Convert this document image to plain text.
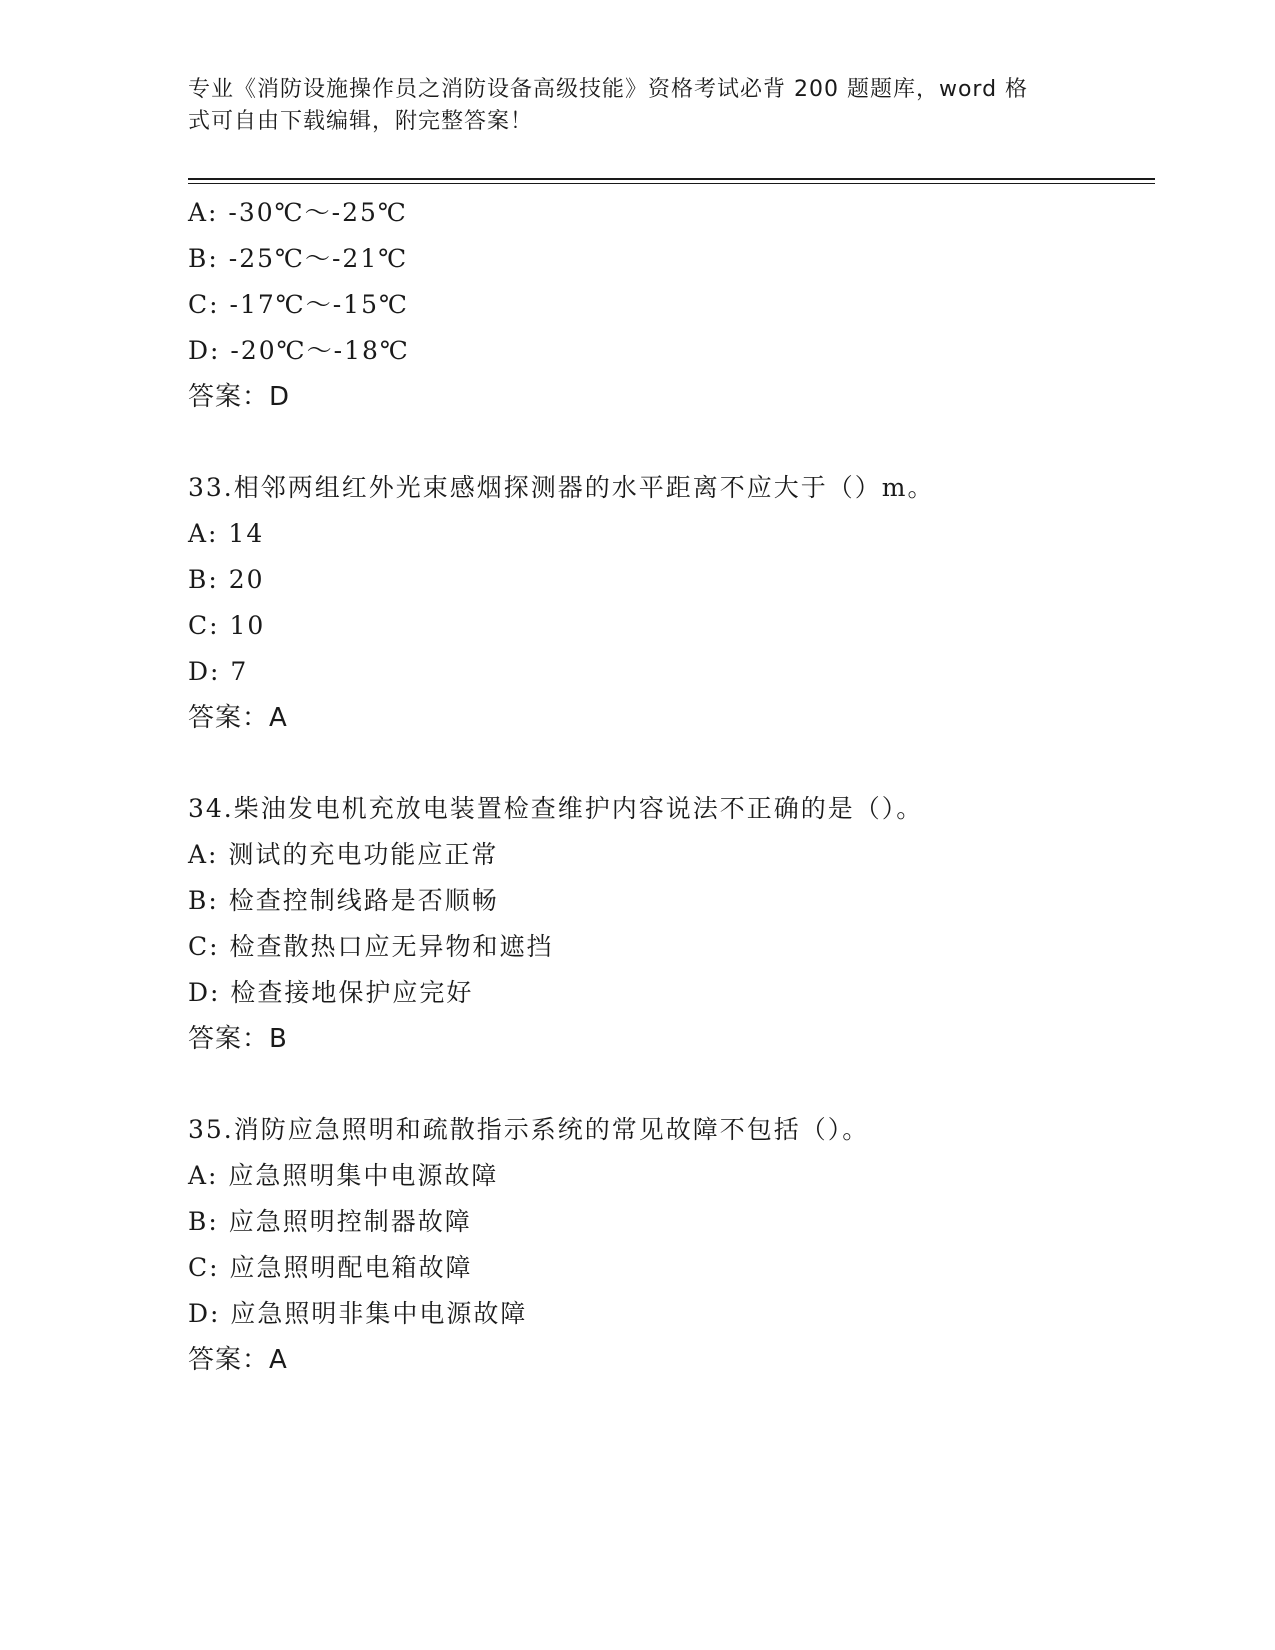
专业《消防设施操作员之消防设备高级技能》资格考试必背 200 题题库，word 格
式可自由下载编辑，附完整答案！
A: -30℃～-25℃
B: -25℃～-21℃
C: -17℃～-15℃
D: -20℃～-18℃
答案：D
33.相邻两组红外光束感烟探测器的水平距离不应大于（）m。
A: 14
B: 20
C: 10
D: 7
答案：A
34.柴油发电机充放电装置检查维护内容说法不正确的是（）。
A: 测试的充电功能应正常
B: 检查控制线路是否顺畅
C: 检查散热口应无异物和遮挡
D: 检查接地保护应完好
答案：B
35.消防应急照明和疏散指示系统的常见故障不包括（）。
A: 应急照明集中电源故障
B: 应急照明控制器故障
C: 应急照明配电箱故障
D: 应急照明非集中电源故障
答案：A
